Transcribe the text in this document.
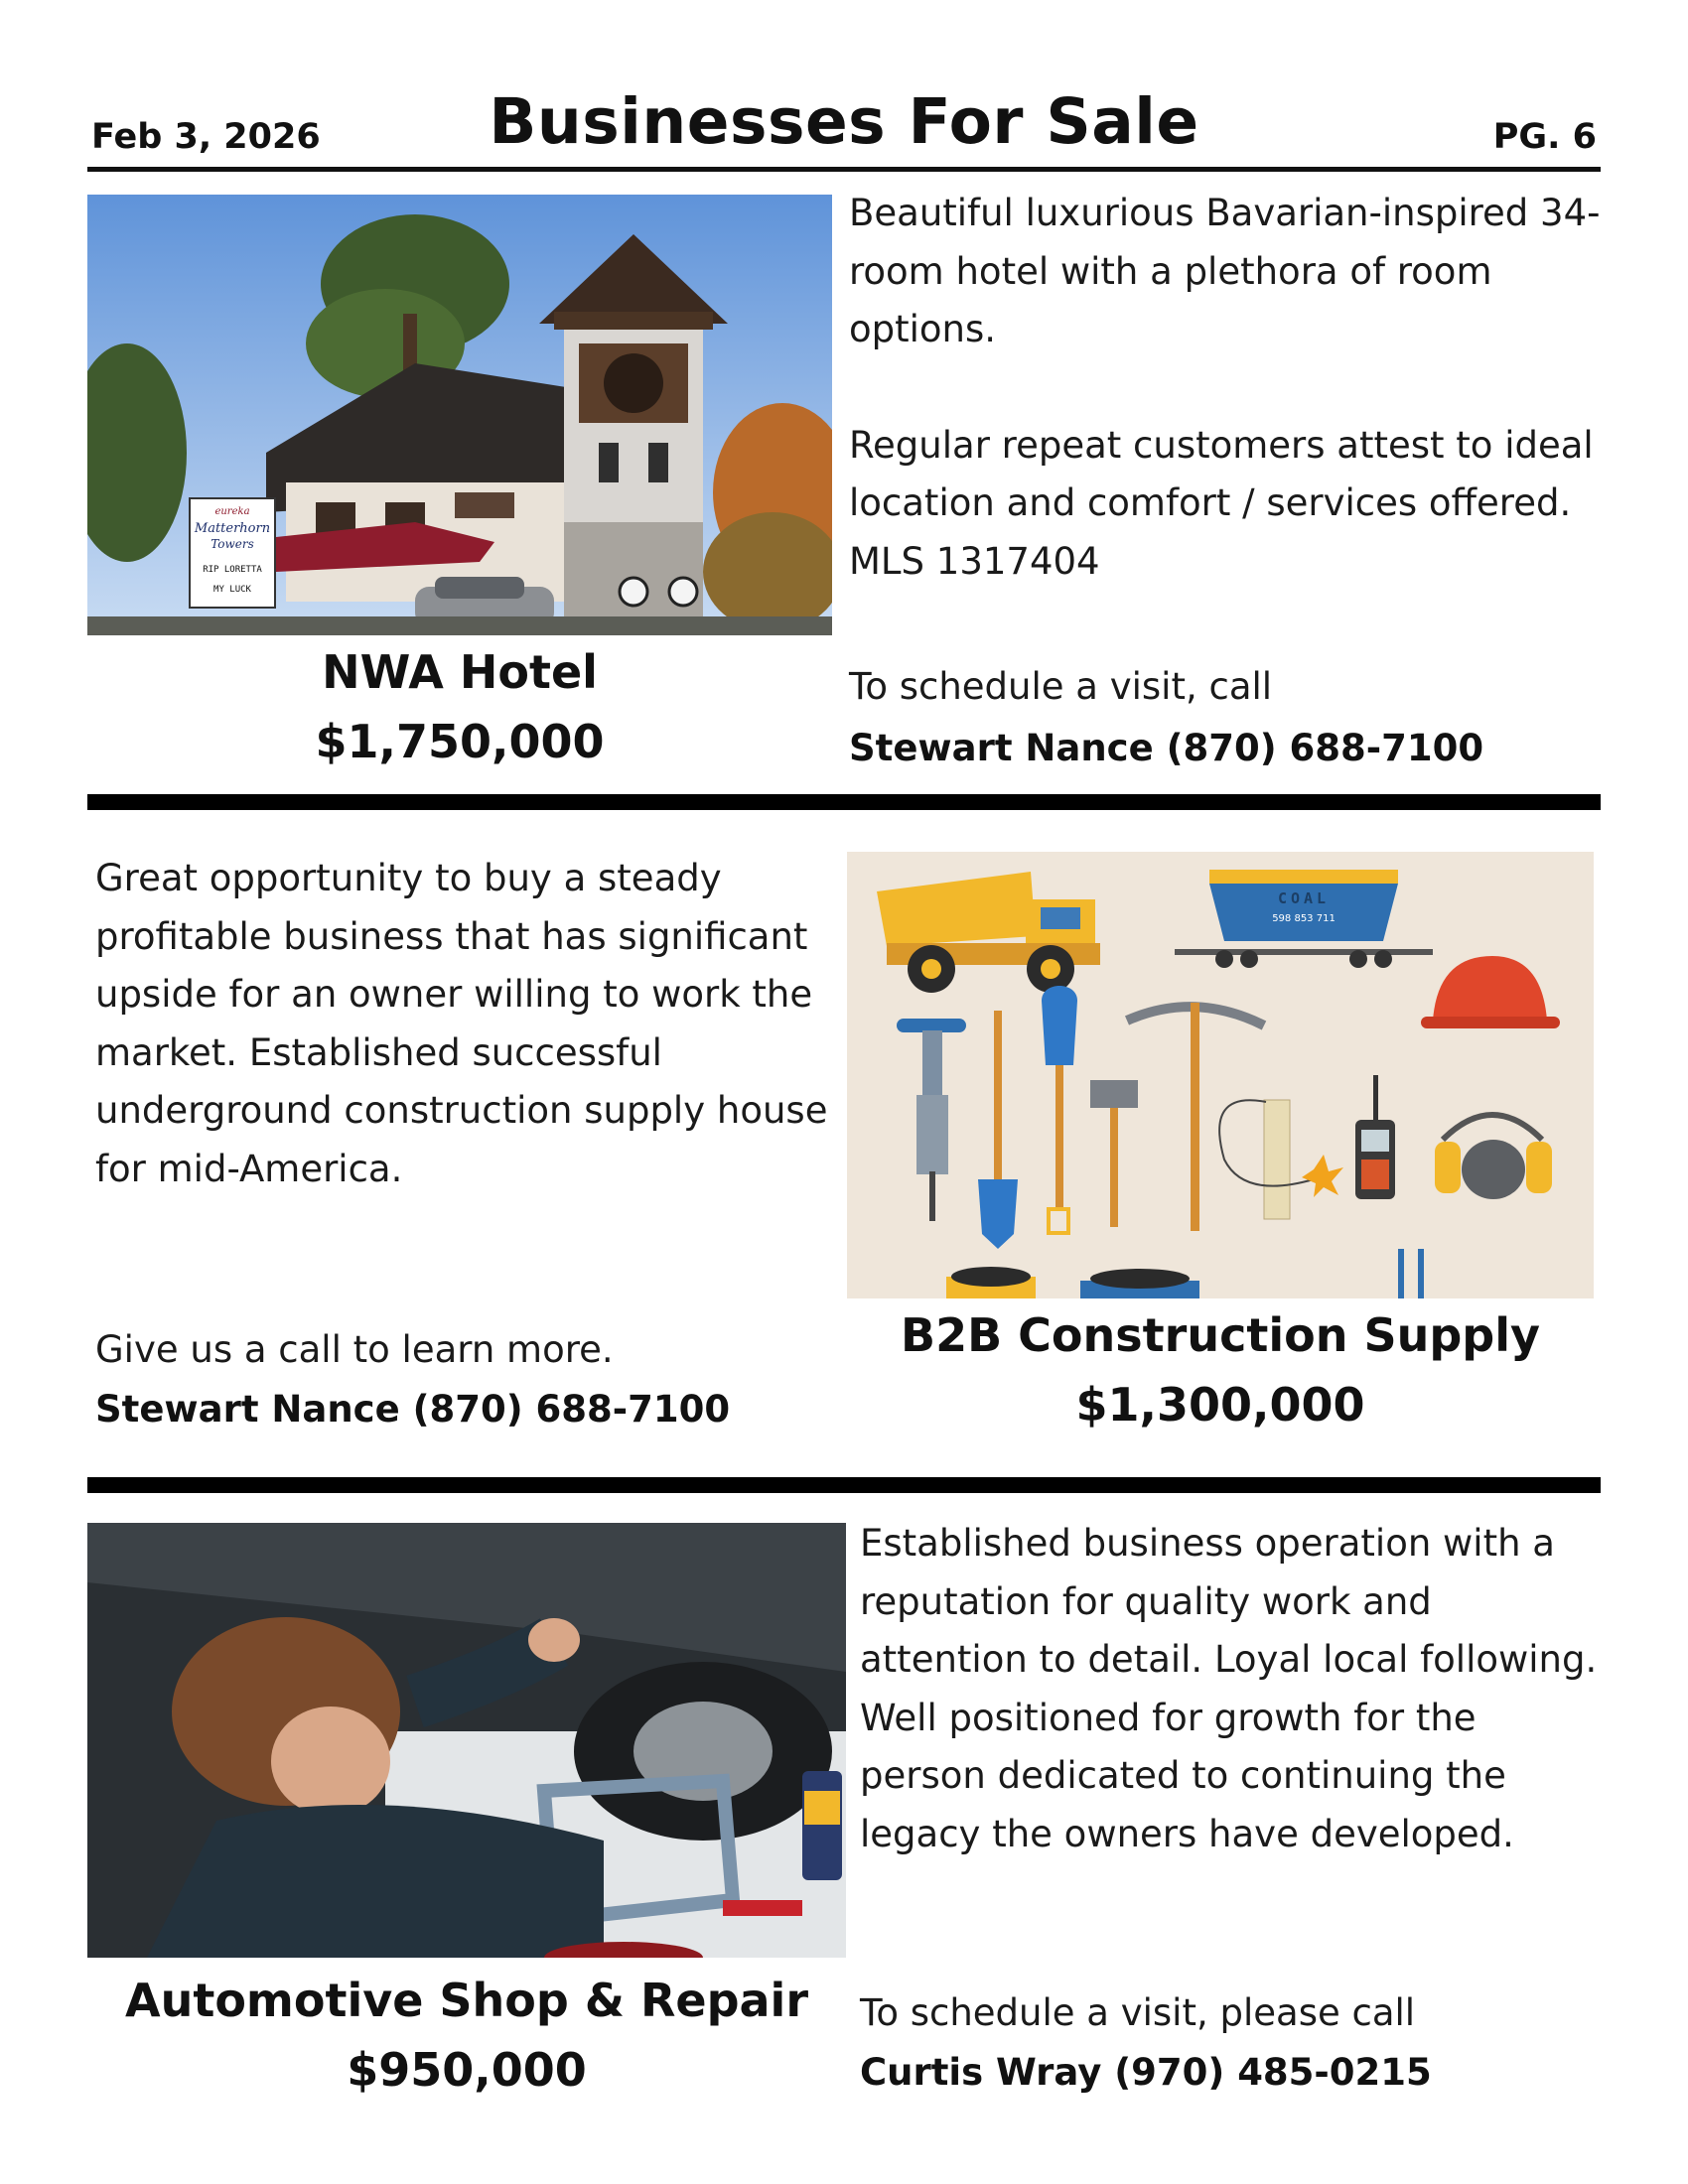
Feb 3, 2026	Businesses For Sale	PG. 6
eureka
Matterhorn
Towers
RIP LORETTA
MY LUCK

Beautiful luxurious Bavarian-inspired 34-room hotel with a plethora of room options.

Regular repeat customers attest to ideal location and comfort / services offered. MLS 1317404

To schedule a visit, call
Stewart Nance (870) 688-7100
NWA Hotel
$1,750,000

Great opportunity to buy a steady profitable business that has significant upside for an owner willing to work the market. Established successful underground construction supply house for mid-America.

Give us a call to learn more.
Stewart Nance (870) 688-7100
COAL
598 853 711
B2B Construction Supply
$1,300,000
Automotive Shop & Repair
$950,000

Established business operation with a reputation for quality work and attention to detail. Loyal local following. Well positioned for growth for the person dedicated to continuing the legacy the owners have developed.

To schedule a visit, please call
Curtis Wray (970) 485-0215
